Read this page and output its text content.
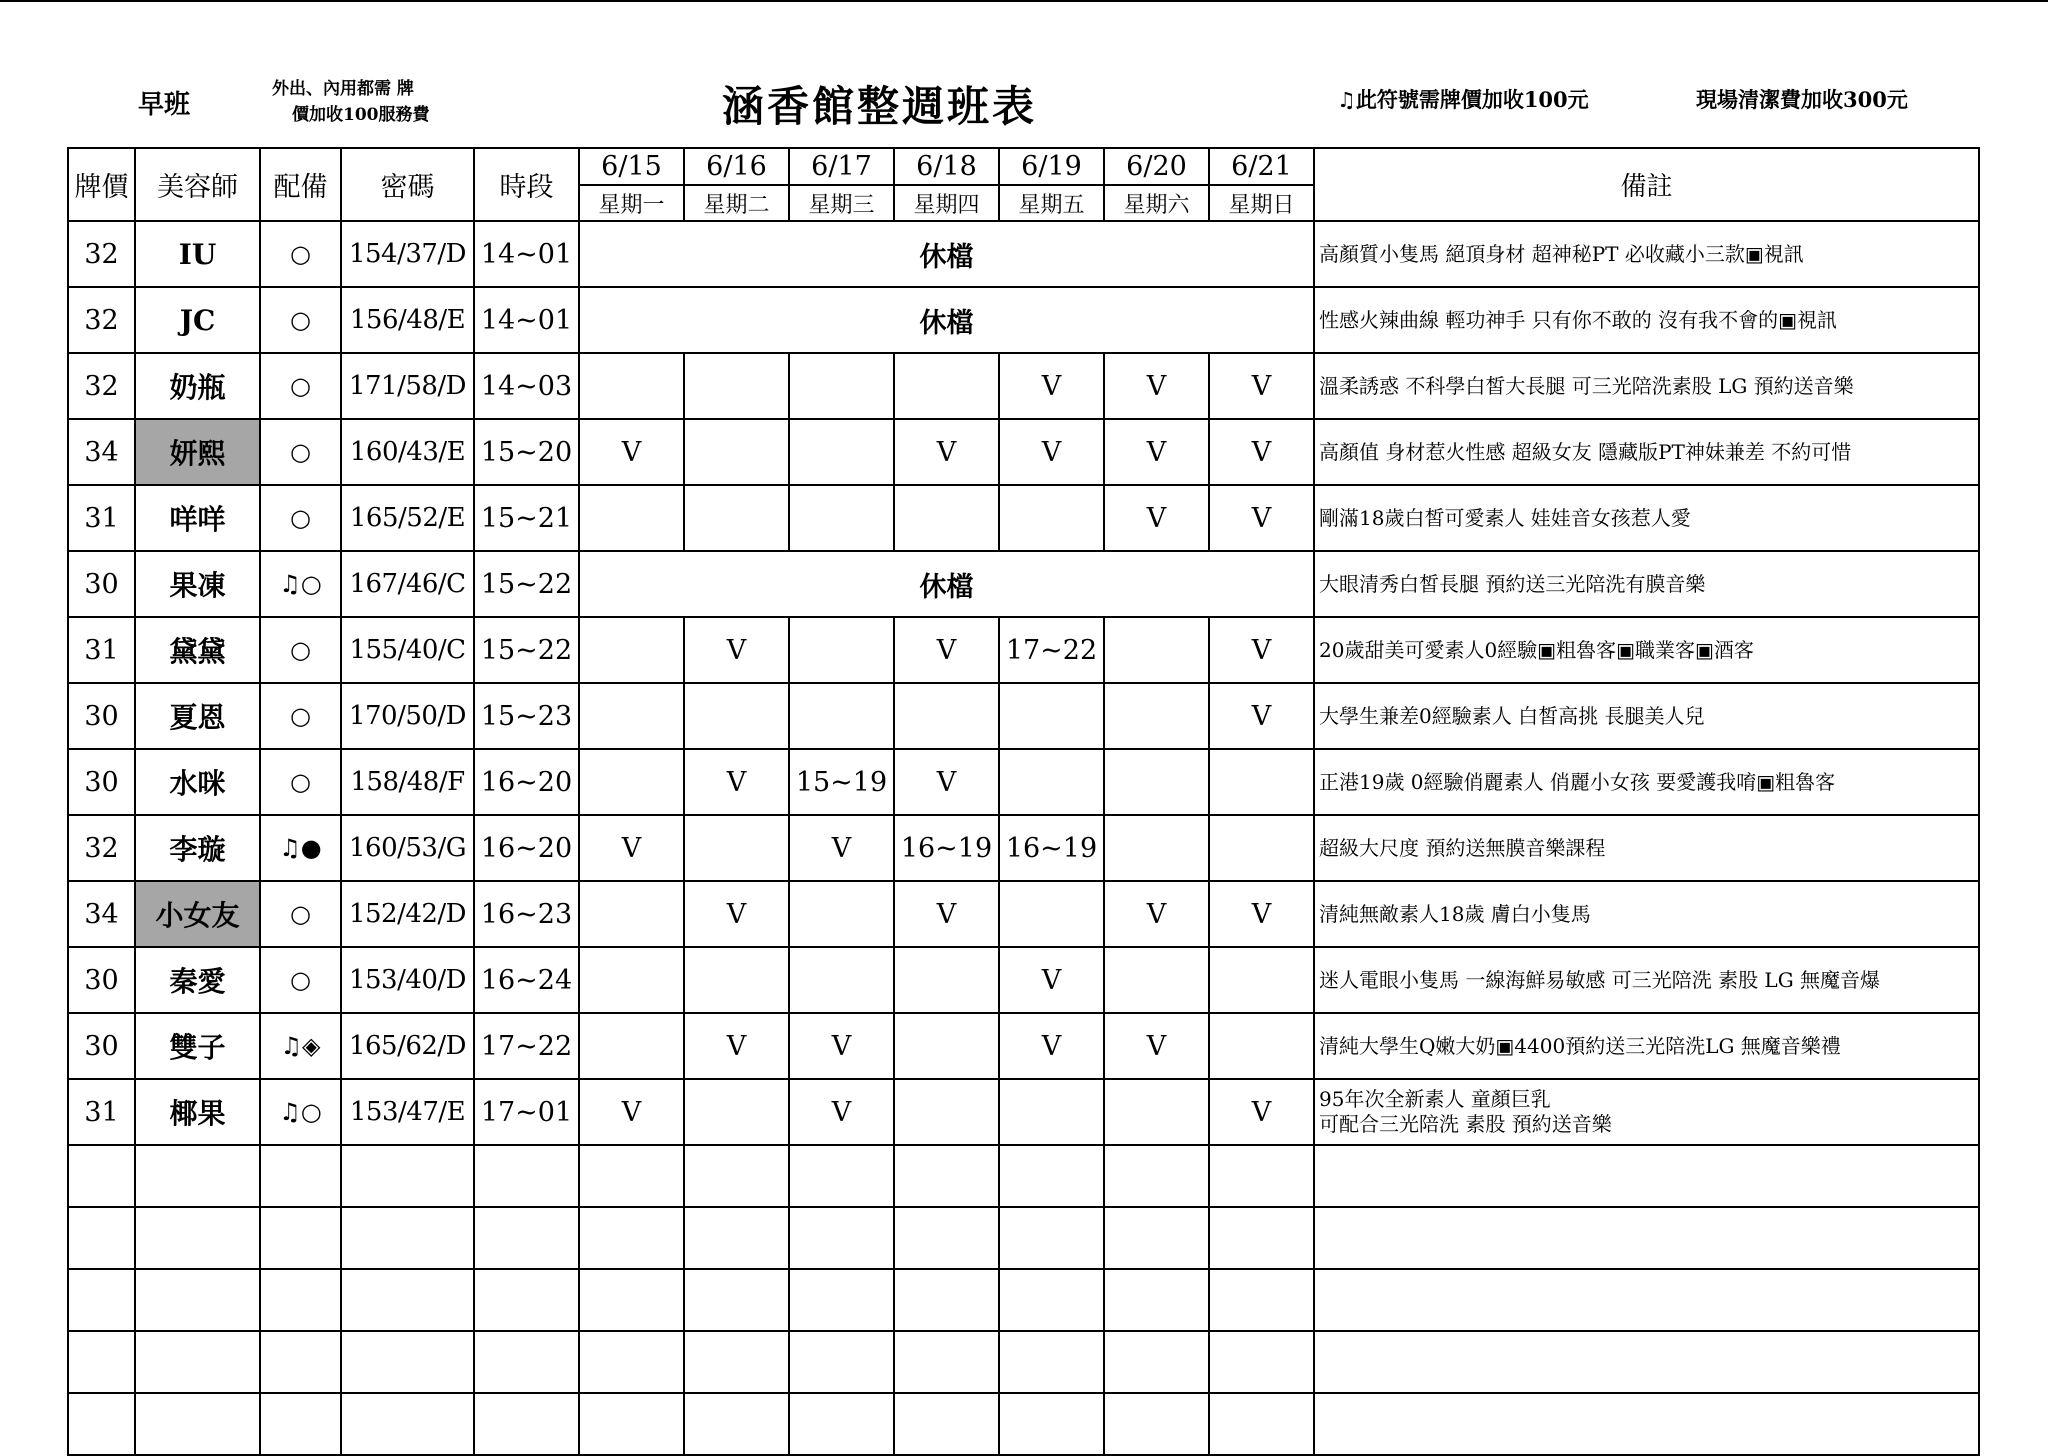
早班
外出、內用都需 牌
價加收100服務費	涵香館整週班表	♫此符號需牌價加收100元	現場清潔費加收300元
牌價	美容師	配備	密碼	時段	6/15	6/16	6/17	6/18	6/19	6/20	6/21	備註
					星期一	星期二	星期三	星期四	星期五	星期六	星期日	
32	IU	○	154/37/D	14~01	休檔							高顏質小隻馬 絕頂身材 超神秘PT 必收藏小三款▣視訊
32	JC	○	156/48/E	14~01	休檔							性感火辣曲線 輕功神手 只有你不敢的 沒有我不會的▣視訊
32	奶瓶	○	171/58/D	14~03					V	V	V	溫柔誘惑 不科學白皙大長腿 可三光陪洗素股 LG 預約送音樂
34	妍熙	○	160/43/E	15~20	V			V	V	V	V	高顏值 身材惹火性感 超級女友 隱藏版PT神妹兼差 不約可惜
31	咩咩	○	165/52/E	15~21						V	V	剛滿18歲白皙可愛素人 娃娃音女孩惹人愛
30	果凍	♫○	167/46/C	15~22	休檔							大眼清秀白皙長腿 預約送三光陪洗有膜音樂
31	黛黛	○	155/40/C	15~22		V		V	17~22		V	20歲甜美可愛素人0經驗▣粗魯客▣職業客▣酒客
30	夏恩	○	170/50/D	15~23							V	大學生兼差0經驗素人 白皙高挑 長腿美人兒
30	水咪	○	158/48/F	16~20		V	15~19	V				正港19歲 0經驗俏麗素人 俏麗小女孩 要愛護我唷▣粗魯客
32	李璇	♫●	160/53/G	16~20	V		V	16~19	16~19			超級大尺度 預約送無膜音樂課程
34	小女友	○	152/42/D	16~23		V		V		V	V	清純無敵素人18歲 膚白小隻馬
30	秦愛	○	153/40/D	16~24					V			迷人電眼小隻馬 一線海鮮易敏感 可三光陪洗 素股 LG 無魔音爆
30	雙子	♫◈	165/62/D	17~22		V	V		V	V		清純大學生Q嫩大奶▣4400預約送三光陪洗LG 無魔音樂禮
31	椰果	♫○	153/47/E	17~01	V		V				V	95年次全新素人 童顏巨乳
可配合三光陪洗 素股 預約送音樂
